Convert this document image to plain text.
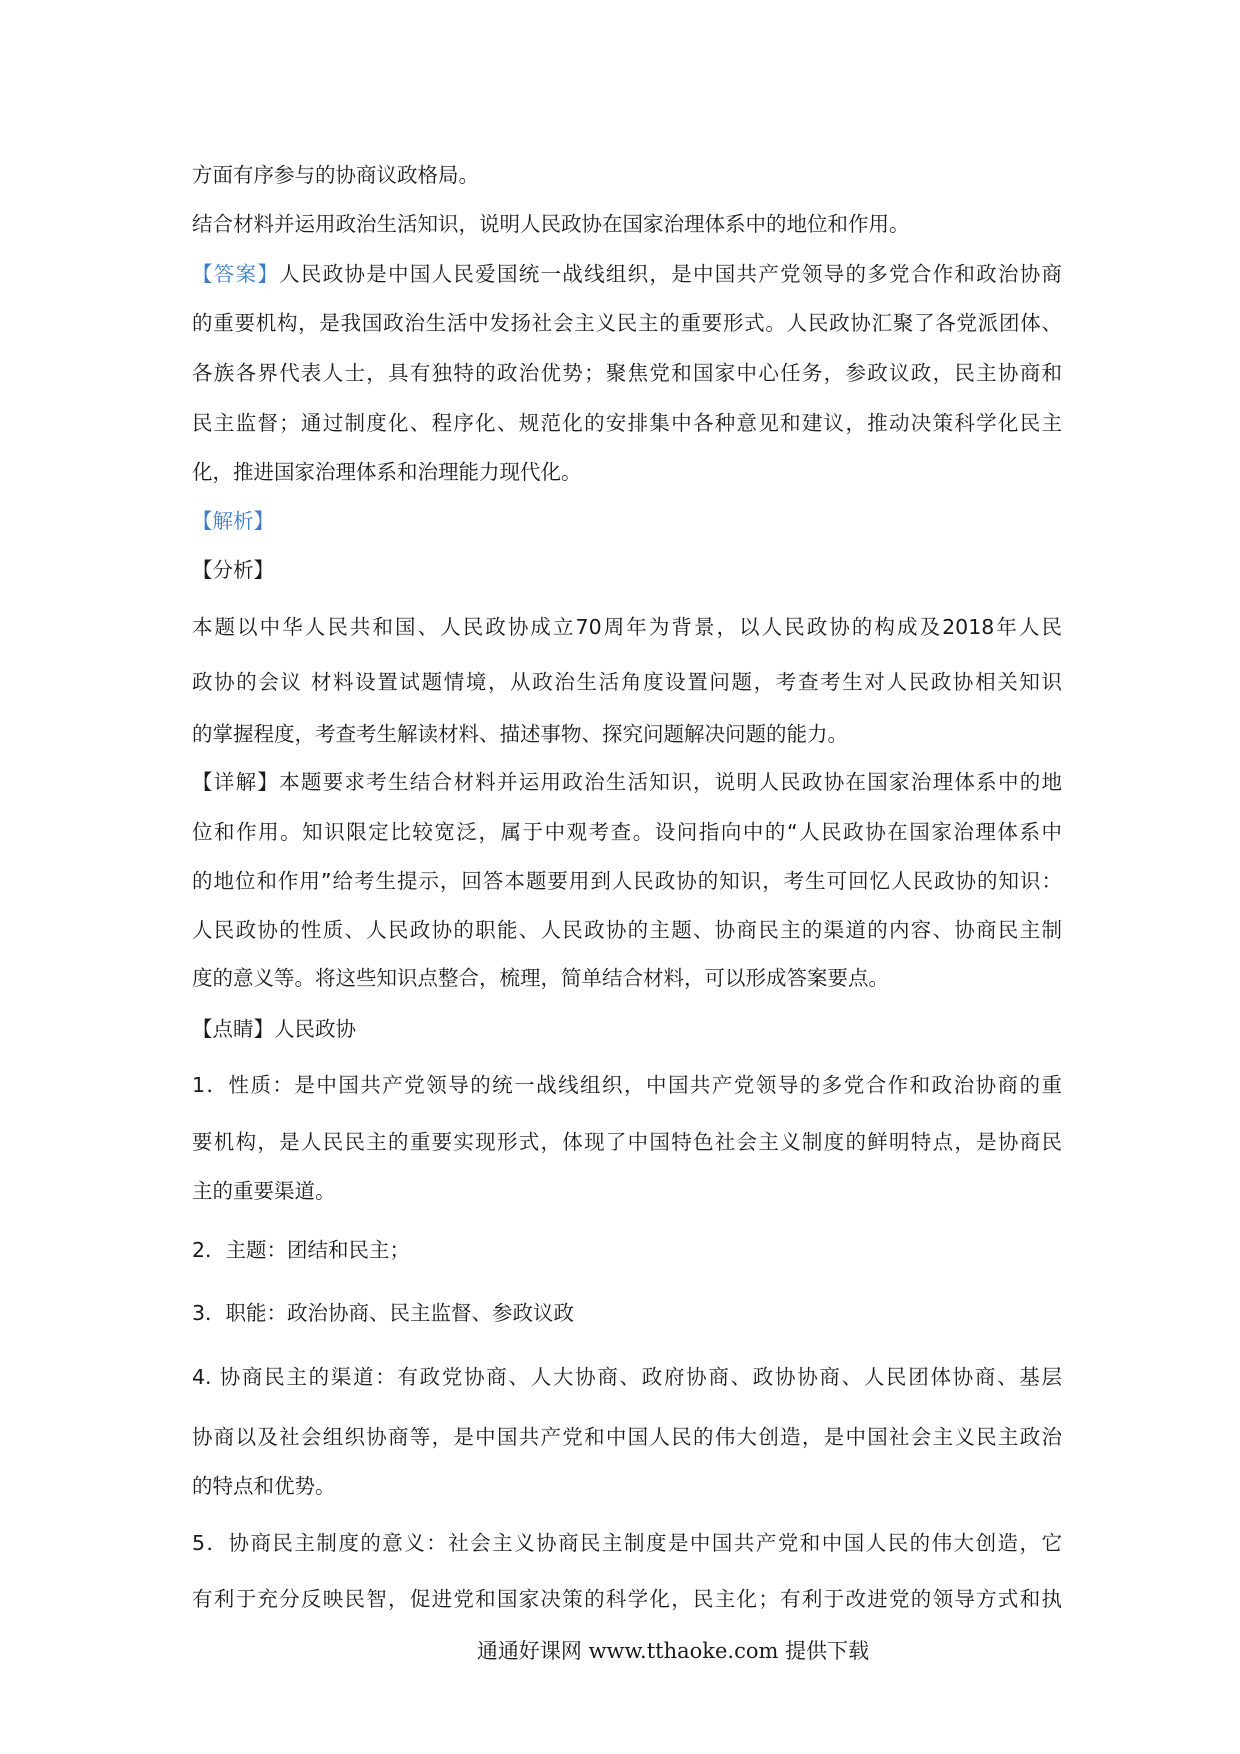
方面有序参与的协商议政格局。
结合材料并运用政治生活知识，说明人民政协在国家治理体系中的地位和作用。
【答案】人民政协是中国人民爱国统一战线组织，是中国共产党领导的多党合作和政治协商
的重要机构，是我国政治生活中发扬社会主义民主的重要形式。人民政协汇聚了各党派团体、
各族各界代表人士，具有独特的政治优势；聚焦党和国家中心任务，参政议政，民主协商和
民主监督；通过制度化、程序化、规范化的安排集中各种意见和建议，推动决策科学化民主
化，推进国家治理体系和治理能力现代化。
【解析】
【分析】
本题以中华人民共和国、人民政协成立70周年为背景，以人民政协的构成及2018年人民
政协的会议 材料设置试题情境，从政治生活角度设置问题，考查考生对人民政协相关知识
的掌握程度，考查考生解读材料、描述事物、探究问题解决问题的能力。
【详解】本题要求考生结合材料并运用政治生活知识，说明人民政协在国家治理体系中的地
位和作用。知识限定比较宽泛，属于中观考查。设问指向中的“人民政协在国家治理体系中
的地位和作用”给考生提示，回答本题要用到人民政协的知识，考生可回忆人民政协的知识：
人民政协的性质、人民政协的职能、人民政协的主题、协商民主的渠道的内容、协商民主制
度的意义等。将这些知识点整合，梳理，简单结合材料，可以形成答案要点。
【点睛】人民政协
1．性质：是中国共产党领导的统一战线组织，中国共产党领导的多党合作和政治协商的重
要机构，是人民民主的重要实现形式，体现了中国特色社会主义制度的鲜明特点，是协商民
主的重要渠道。
2．主题：团结和民主；
3．职能：政治协商、民主监督、参政议政
4. 协商民主的渠道：有政党协商、人大协商、政府协商、政协协商、人民团体协商、基层
协商以及社会组织协商等，是中国共产党和中国人民的伟大创造，是中国社会主义民主政治
的特点和优势。
5．协商民主制度的意义：社会主义协商民主制度是中国共产党和中国人民的伟大创造，它
有利于充分反映民智，促进党和国家决策的科学化，民主化；有利于改进党的领导方式和执
通通好课网 www.tthaoke.com 提供下载
